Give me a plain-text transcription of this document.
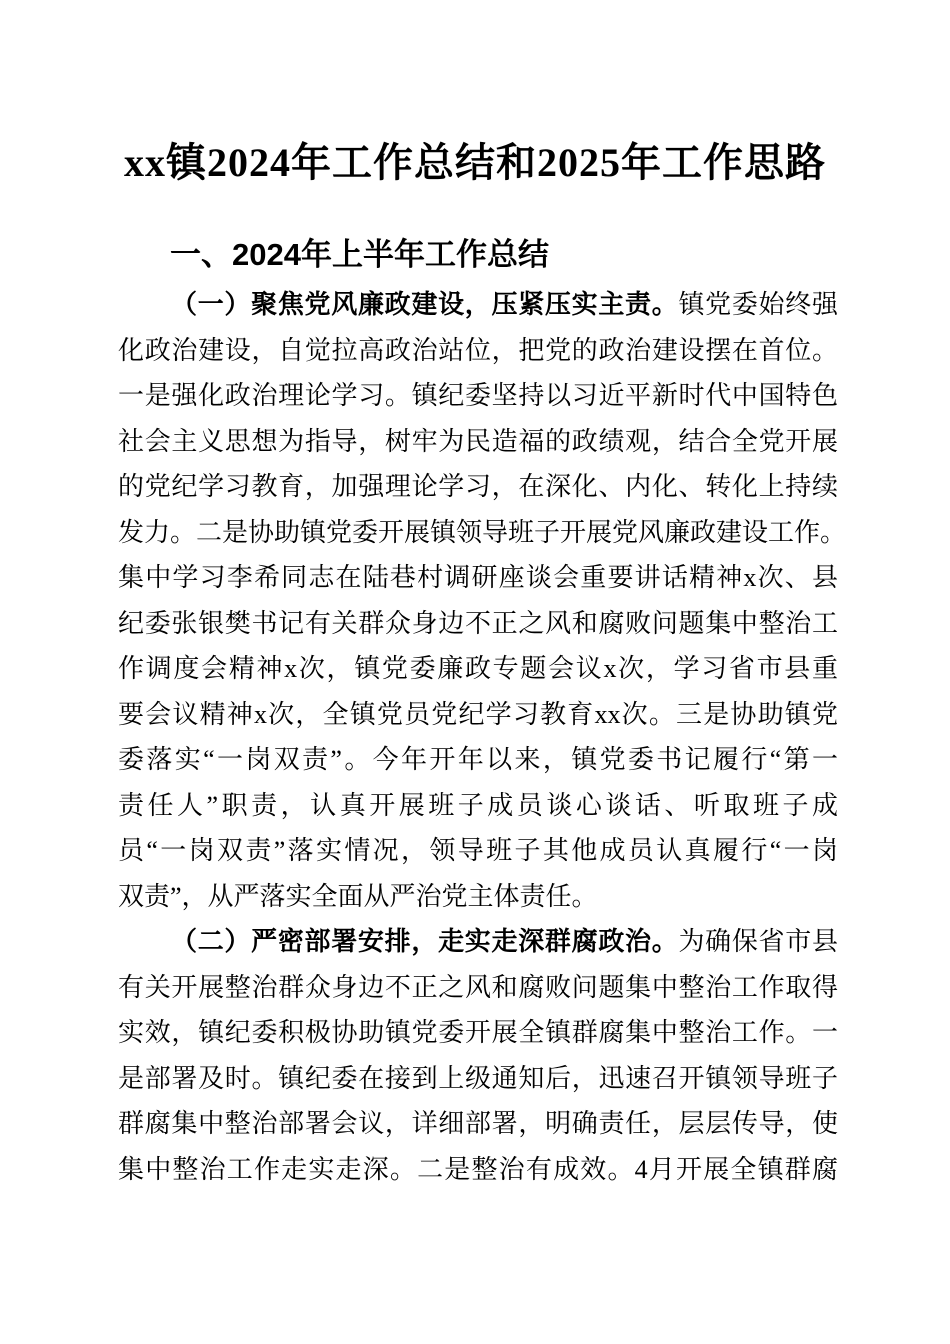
xx镇2024年工作总结和2025年工作思路
一、2024年上半年工作总结
（一）聚焦党风廉政建设，压紧压实主责。镇党委始终强
化政治建设，自觉拉高政治站位，把党的政治建设摆在首位。
一是强化政治理论学习。镇纪委坚持以习近平新时代中国特色
社会主义思想为指导，树牢为民造福的政绩观，结合全党开展
的党纪学习教育，加强理论学习，在深化、内化、转化上持续
发力。二是协助镇党委开展镇领导班子开展党风廉政建设工作。
集中学习李希同志在陆巷村调研座谈会重要讲话精神x次、县
纪委张银樊书记有关群众身边不正之风和腐败问题集中整治工
作调度会精神x次，镇党委廉政专题会议x次，学习省市县重
要会议精神x次，全镇党员党纪学习教育xx次。三是协助镇党
委落实“一岗双责”。今年开年以来，镇党委书记履行“第一
责任人”职责，认真开展班子成员谈心谈话、听取班子成
员“一岗双责”落实情况，领导班子其他成员认真履行“一岗
双责”，从严落实全面从严治党主体责任。
（二）严密部署安排，走实走深群腐政治。为确保省市县
有关开展整治群众身边不正之风和腐败问题集中整治工作取得
实效，镇纪委积极协助镇党委开展全镇群腐集中整治工作。一
是部署及时。镇纪委在接到上级通知后，迅速召开镇领导班子
群腐集中整治部署会议，详细部署，明确责任，层层传导，使
集中整治工作走实走深。二是整治有成效。4月开展全镇群腐
